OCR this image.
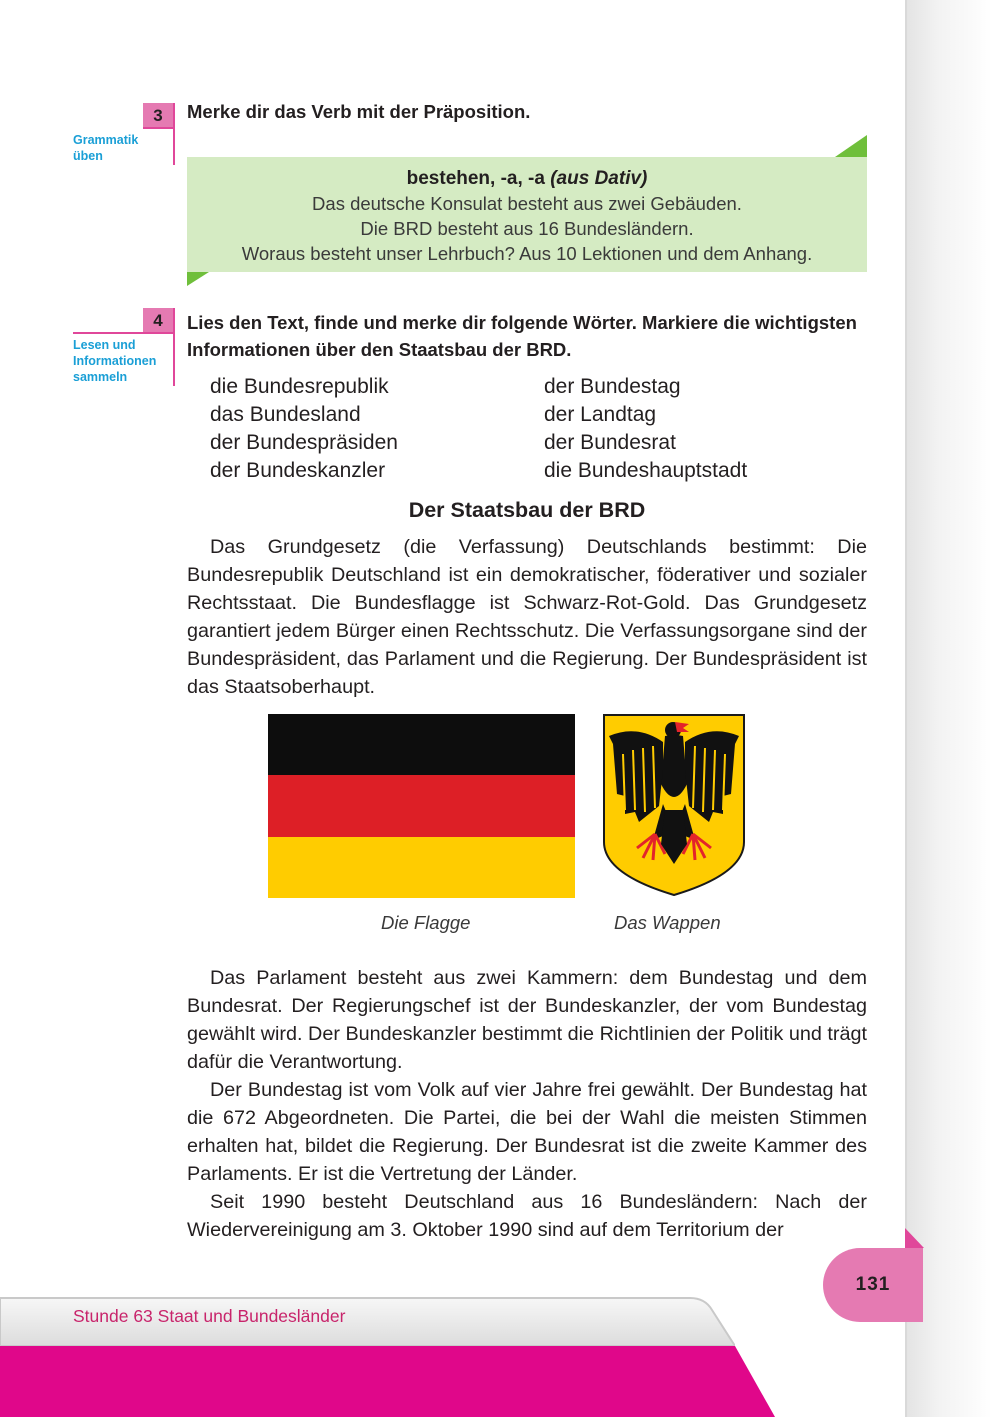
3
Grammatik
üben
Merke dir das Verb mit der Präposition.
bestehen, -a, -a (aus Dativ)
Das deutsche Konsulat besteht aus zwei Gebäuden.
Die BRD besteht aus 16 Bundesländern.
Woraus besteht unser Lehrbuch? Aus 10 Lektionen und dem Anhang.
4
Lesen und
Informationen
sammeln
Lies den Text, finde und merke dir folgende Wörter. Markiere die wichtigsten
Informationen über den Staatsbau der BRD.
die Bundesrepublik
das Bundesland
der Bundespräsiden
der Bundeskanzler
der Bundestag
der Landtag
der Bundesrat
die Bundeshauptstadt
Der Staatsbau der BRD

Das Grundgesetz (die Verfassung) Deutschlands bestimmt: Die Bundesrepublik Deutschland ist ein demokratischer, föderativer und sozialer Rechtsstaat. Die Bundesflagge ist Schwarz-Rot-Gold. Das Grundgesetz garantiert jedem Bürger einen Rechtsschutz. Die Verfassungsorgane sind der Bundespräsident, das Parlament und die Regierung. Der Bundespräsident ist das Staatsoberhaupt.

Die Flagge	Das Wappen

Das Parlament besteht aus zwei Kammern: dem Bundestag und dem Bundesrat. Der Regierungschef ist der Bundeskanzler, der vom Bundestag gewählt wird. Der Bundeskanzler bestimmt die Richtlinien der Politik und trägt dafür die Verantwortung.

Der Bundestag ist vom Volk auf vier Jahre frei gewählt. Der Bundestag hat die 672 Abgeordneten. Die Partei, die bei der Wahl die meisten Stimmen erhalten hat, bildet die Regierung. Der Bundesrat ist die zweite Kammer des Parlaments. Er ist die Vertretung der Länder.

Seit 1990 besteht Deutschland aus 16 Bundesländern: Nach der Wiedervereinigung am 3. Oktober 1990 sind auf dem Territorium der

131
Stunde 63 Staat und Bundesländer
